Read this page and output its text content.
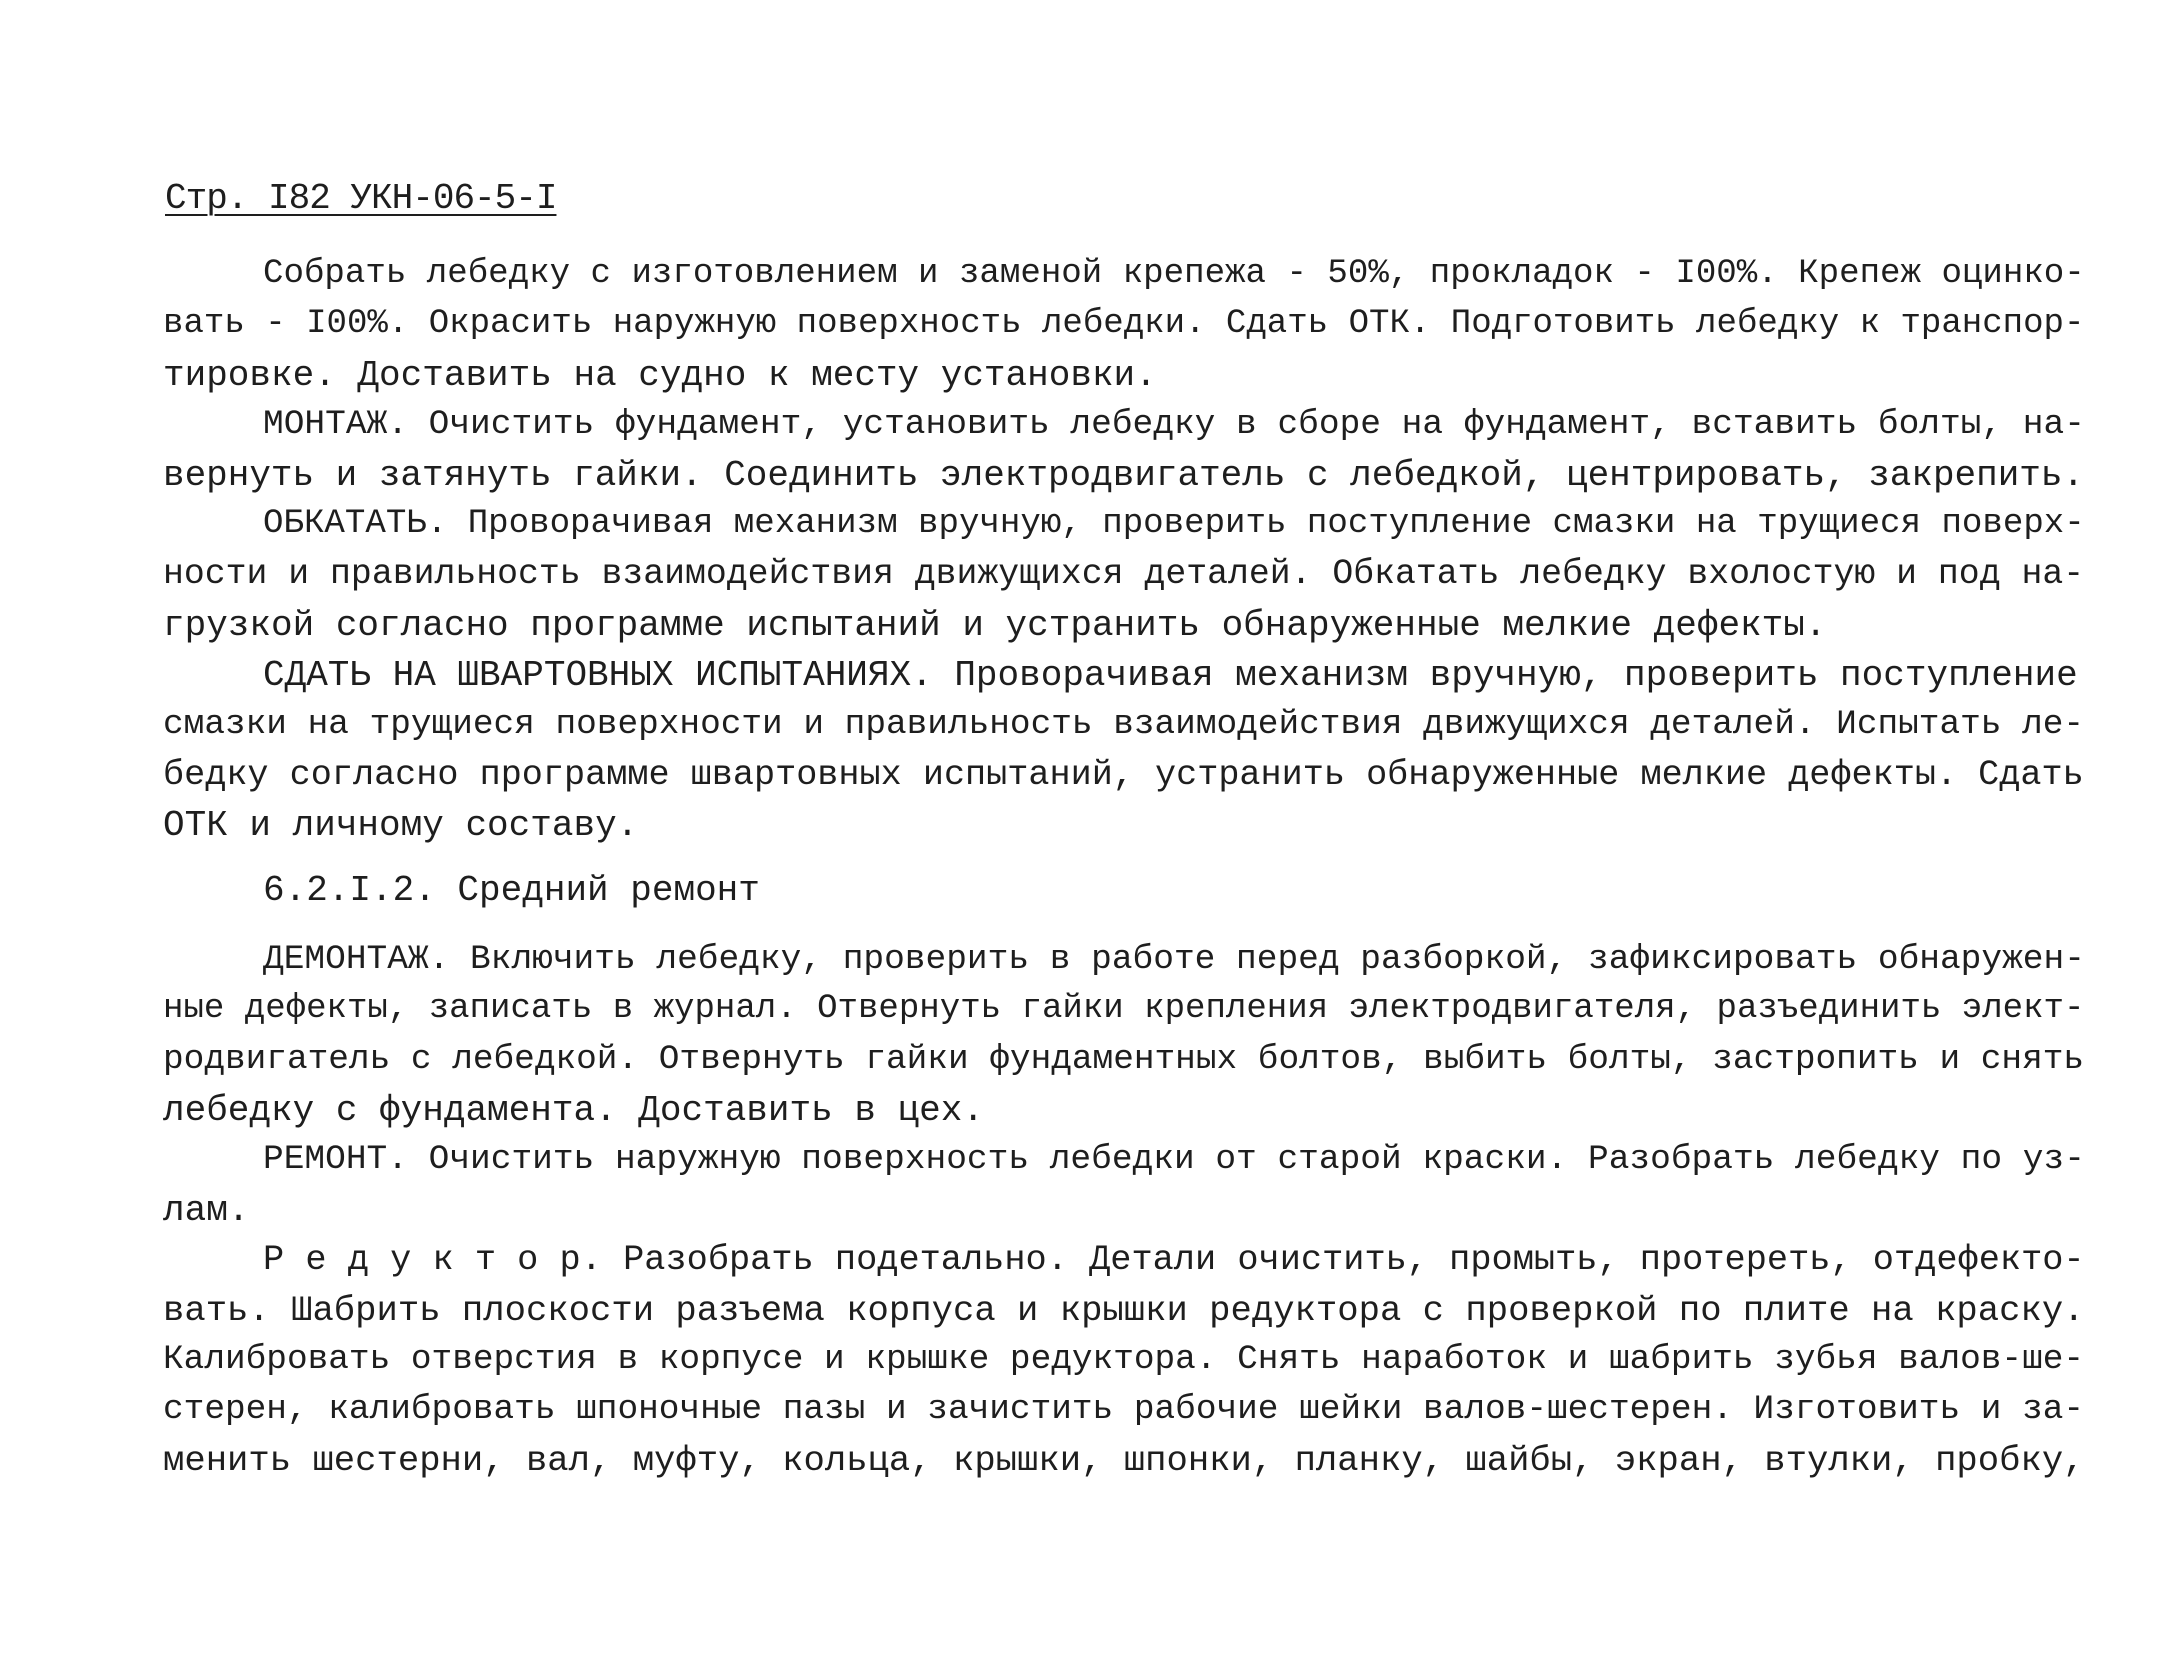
Стр. I82 УКН-06-5-I

Собрать лебедку с изготовлением и заменой крепежа - 50%, прокладок - I00%. Крепеж оцинко-

вать - I00%. Окрасить наружную поверхность лебедки. Сдать ОТК. Подготовить лебедку к транспор-

тировке. Доставить на судно к месту установки.

МОНТАЖ. Очистить фундамент, установить лебедку в сборе на фундамент, вставить болты, на-

вернуть и затянуть гайки. Соединить электродвигатель с лебедкой, центрировать, закрепить.

ОБКАТАТЬ. Проворачивая механизм вручную, проверить поступление смазки на трущиеся поверх-

ности и правильность взаимодействия движущихся деталей. Обкатать лебедку вхолостую и под на-

грузкой согласно программе испытаний и устранить обнаруженные мелкие дефекты.

СДАТЬ НА ШВАРТОВНЫХ ИСПЫТАНИЯХ. Проворачивая механизм вручную, проверить поступление

смазки на трущиеся поверхности и правильность взаимодействия движущихся деталей. Испытать ле-

бедку согласно программе швартовных испытаний, устранить обнаруженные мелкие дефекты. Сдать

ОТК и личному составу.

6.2.I.2. Средний ремонт

ДЕМОНТАЖ. Включить лебедку, проверить в работе перед разборкой, зафиксировать обнаружен-

ные дефекты, записать в журнал. Отвернуть гайки крепления электродвигателя, разъединить элект-

родвигатель с лебедкой. Отвернуть гайки фундаментных болтов, выбить болты, застропить и снять

лебедку с фундамента. Доставить в цех.

РЕМОНТ. Очистить наружную поверхность лебедки от старой краски. Разобрать лебедку по уз-

лам.

Р е д у к т о р. Разобрать подетально. Детали очистить, промыть, протереть, отдефекто-

вать. Шабрить плоскости разъема корпуса и крышки редуктора с проверкой по плите на краску.

Калибровать отверстия в корпусе и крышке редуктора. Снять наработок и шабрить зубья валов-ше-

стерен, калибровать шпоночные пазы и зачистить рабочие шейки валов-шестерен. Изготовить и за-

менить шестерни, вал, муфту, кольца, крышки, шпонки, планку, шайбы, экран, втулки, пробку,
